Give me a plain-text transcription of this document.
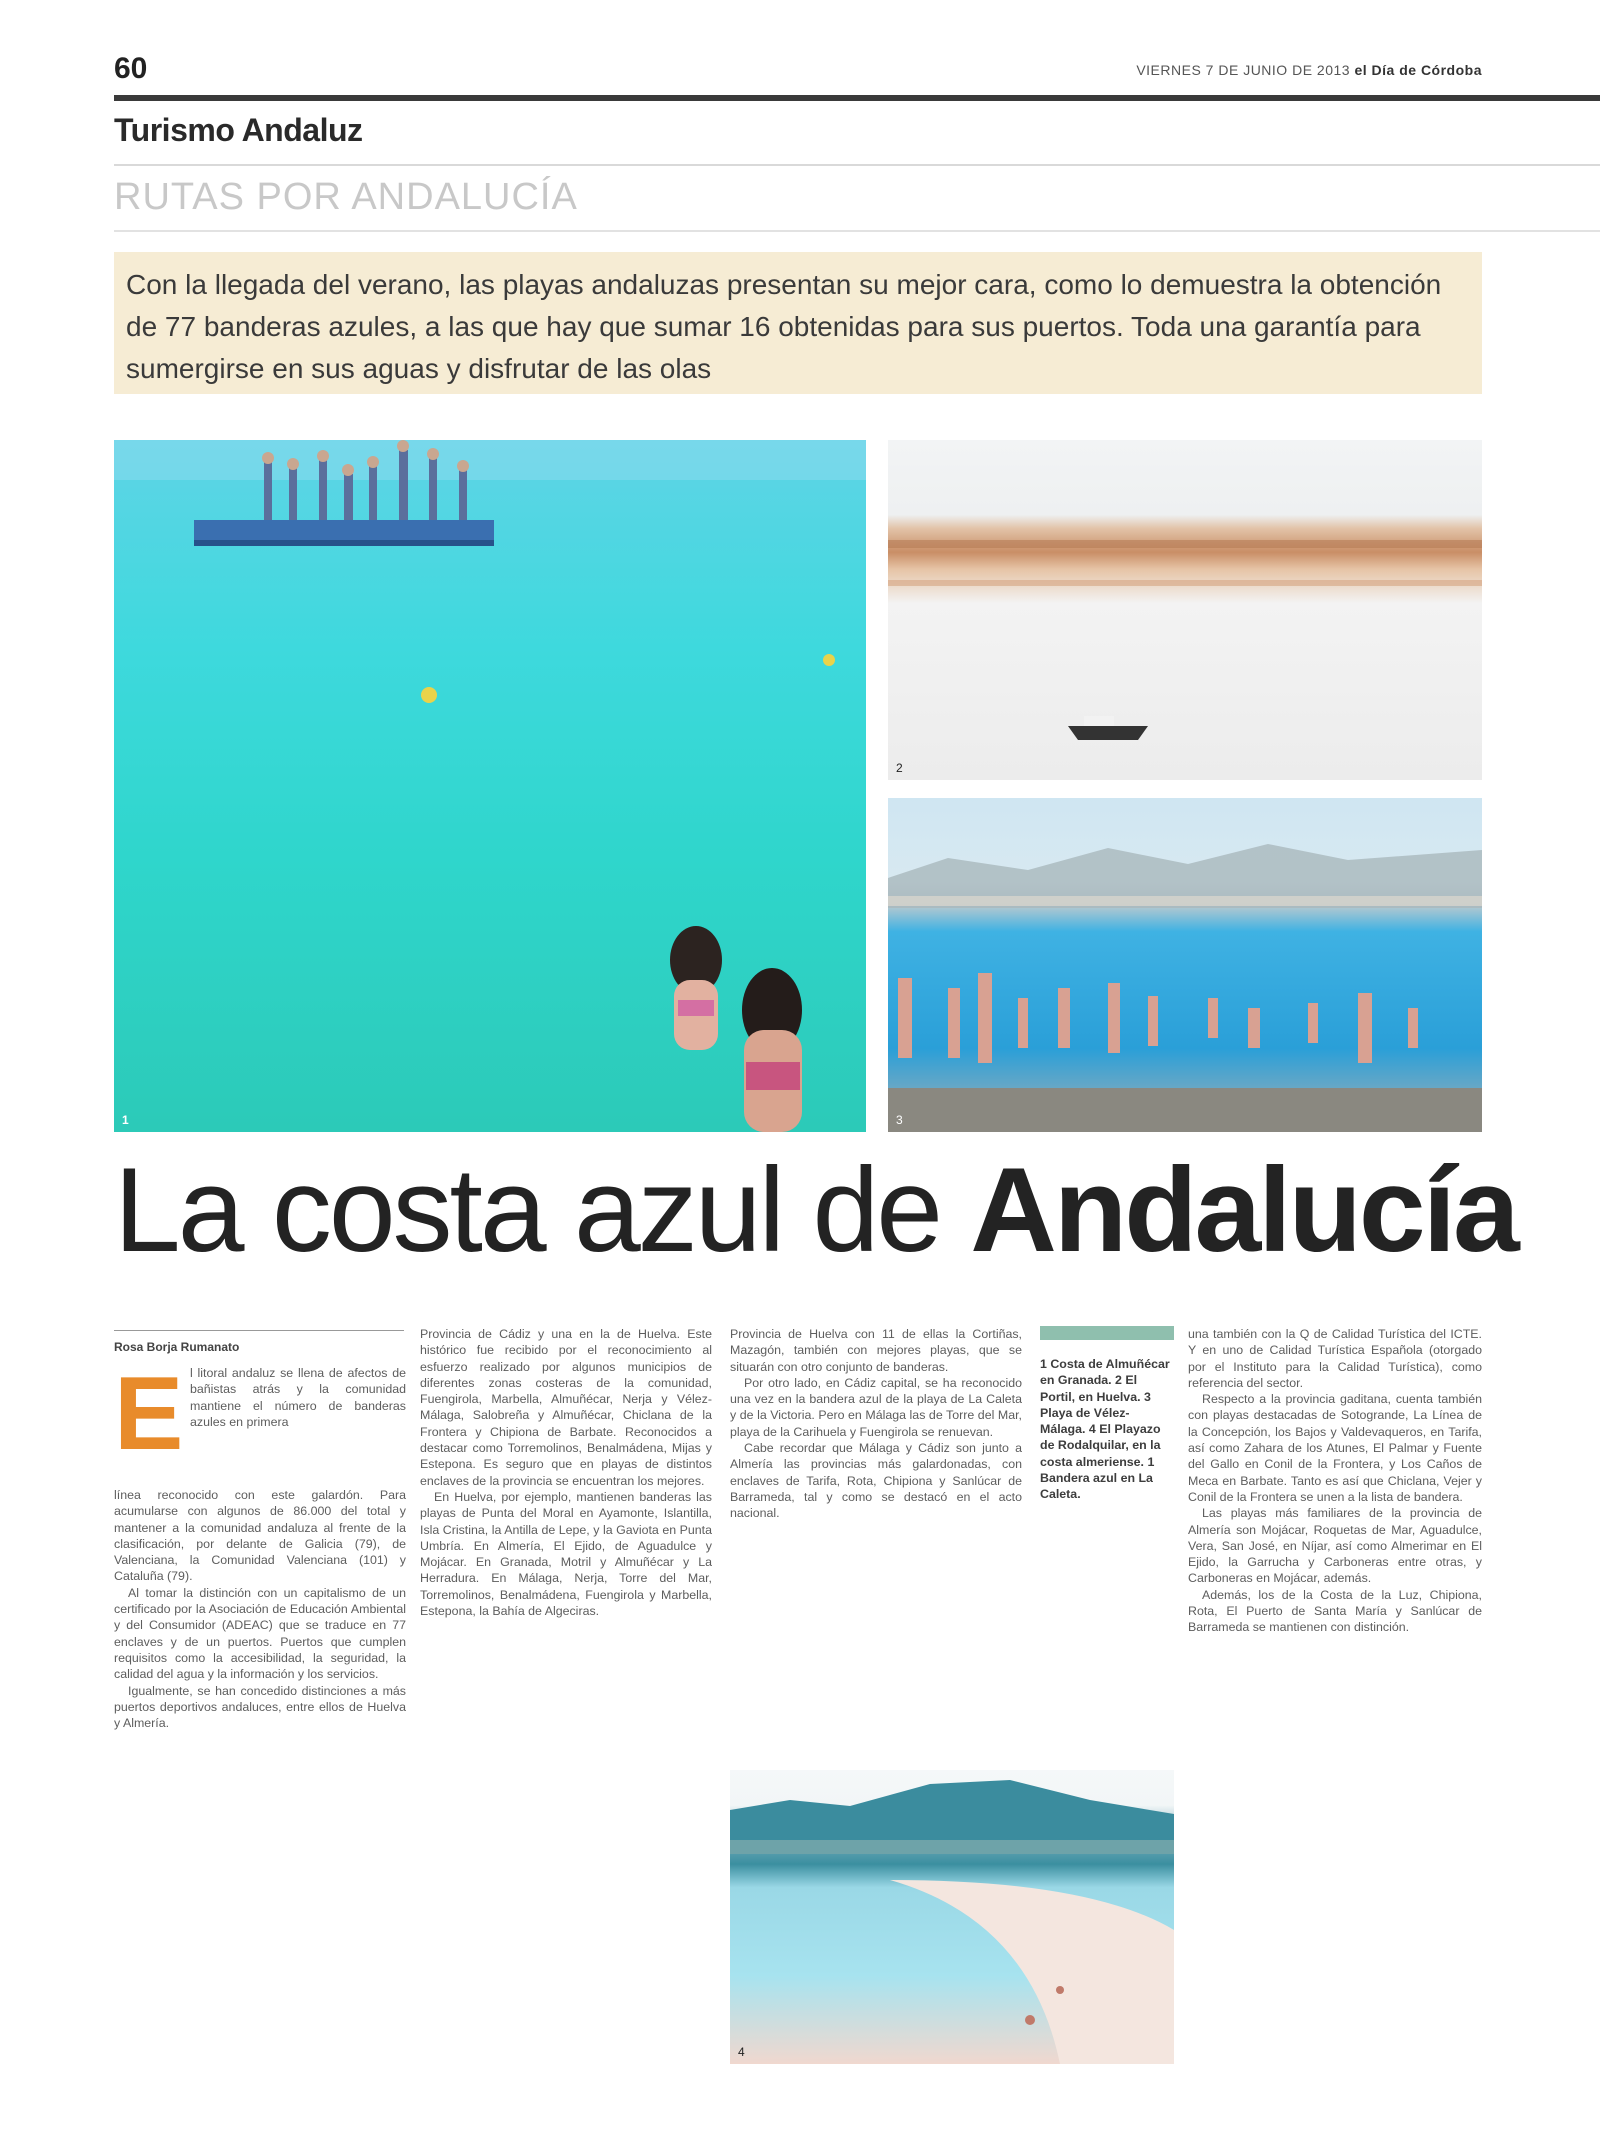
60	VIERNES 7 DE JUNIO DE 2013 el Día de Córdoba
Turismo Andaluz
RUTAS POR ANDALUCÍA
Con la llegada del verano, las playas andaluzas presentan su mejor cara, como lo demuestra la obtención de 77 banderas azules, a las que hay que sumar 16 obtenidas para sus puertos. Toda una garantía para sumergirse en sus aguas y disfrutar de las olas
1
2
3
La costa azul de Andalucía
Rosa Borja Rumanato
E l litoral andaluz se llena de afectos de bañistas atrás y la comunidad mantiene el número de banderas azules en primera

línea reconocido con este galardón. Para acumularse con algunos de 86.000 del total y mantener a la comunidad andaluza al frente de la clasificación, por delante de Galicia (79), de Valenciana, la Comunidad Valenciana (101) y Cataluña (79).

Al tomar la distinción con un capitalismo de un certificado por la Asociación de Educación Ambiental y del Consumidor (ADEAC) que se traduce en 77 enclaves y de un puertos. Puertos que cumplen requisitos como la accesibilidad, la seguridad, la calidad del agua y la información y los servicios.

Igualmente, se han concedido distinciones a más puertos deportivos andaluces, entre ellos de Huelva y Almería.

Provincia de Cádiz y una en la de Huelva. Este histórico fue recibido por el reconocimiento al esfuerzo realizado por algunos municipios de diferentes zonas costeras de la comunidad, Fuengirola, Marbella, Almuñécar, Nerja y Vélez-Málaga, Salobreña y Almuñécar, Chiclana de la Frontera y Chipiona de Barbate. Reconocidos a destacar como Torremolinos, Benalmádena, Mijas y Estepona. Es seguro que en playas de distintos enclaves de la provincia se encuentran los mejores.

En Huelva, por ejemplo, mantienen banderas las playas de Punta del Moral en Ayamonte, Islantilla, Isla Cristina, la Antilla de Lepe, y la Gaviota en Punta Umbría. En Almería, El Ejido, de Aguadulce y Mojácar. En Granada, Motril y Almuñécar y La Herradura. En Málaga, Nerja, Torre del Mar, Torremolinos, Benalmádena, Fuengirola y Marbella, Estepona, la Bahía de Algeciras.

Provincia de Huelva con 11 de ellas la Cortiñas, Mazagón, también con mejores playas, que se situarán con otro conjunto de banderas.

Por otro lado, en Cádiz capital, se ha reconocido una vez en la bandera azul de la playa de La Caleta y de la Victoria. Pero en Málaga las de Torre del Mar, playa de la Carihuela y Fuengirola se renuevan.

Cabe recordar que Málaga y Cádiz son junto a Almería las provincias más galardonadas, con enclaves de Tarifa, Rota, Chipiona y Sanlúcar de Barrameda, tal y como se destacó en el acto nacional.

1 Costa de Almuñécar en Granada. 2 El Portil, en Huelva. 3 Playa de Vélez-Málaga. 4 El Playazo de Rodalquilar, en la costa almeriense. 1 Bandera azul en La Caleta.
4

una también con la Q de Calidad Turística del ICTE. Y en uno de Calidad Turística Española (otorgado por el Instituto para la Calidad Turística), como referencia del sector.

Respecto a la provincia gaditana, cuenta también con playas destacadas de Sotogrande, La Línea de la Concepción, los Bajos y Valdevaqueros, en Tarifa, así como Zahara de los Atunes, El Palmar y Fuente del Gallo en Conil de la Frontera, y Los Caños de Meca en Barbate. Tanto es así que Chiclana, Vejer y Conil de la Frontera se unen a la lista de bandera.

Las playas más familiares de la provincia de Almería son Mojácar, Roquetas de Mar, Aguadulce, Vera, San José, en Níjar, así como Almerimar en El Ejido, la Garrucha y Carboneras entre otras, y Carboneras en Mojácar, además.

Además, los de la Costa de la Luz, Chipiona, Rota, El Puerto de Santa María y Sanlúcar de Barrameda se mantienen con distinción.
